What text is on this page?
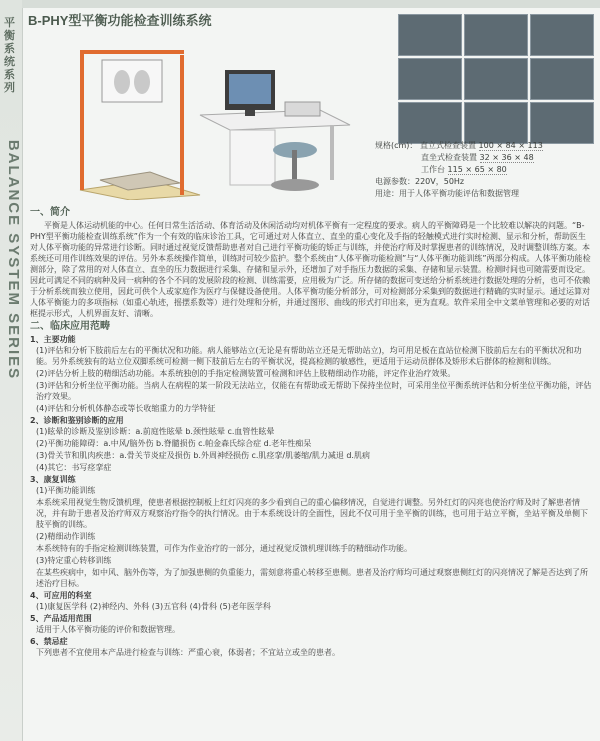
平衡系统系列
BALANCE SYSTEM SERIES
B-PHY型平衡功能检查训练系统
规格(cm)： 直立式检查装置 100 × 84 × 113
直坐式检查装置 32 × 36 × 48
工作台 115 × 65 × 80
电源参数：220V，50Hz
用途：用于人体平衡功能评估和数据管理
一、简介

平衡是人体运动机能的中心。任何日常生活活动、体育活动及休闲活动均对机体平衡有一定程度的要求。病人的平衡障碍是一个比较难以解决的问题。“B-PHY型平衡功能检查训练系统”作为一个有效的临床诊治工具，它可通过对人体直立、直坐的重心变化及手指的轻触模式进行实时检测、显示和分析，帮助医生对人体平衡功能的异常进行诊断。同时通过视觉反馈帮助患者对自己进行平衡功能的矫正与训练，并使治疗师及时掌握患者的训练情况，及时调整训练方案。本系统还可用作训练效果的评估。另外本系统操作简单，训练时可较少监护。整个系统由“人体平衡功能检测”与“人体平衡功能训练”两部分构成。人体平衡功能检测部分，除了常用的对人体直立、直坐的压力数据进行采集、存储和显示外，还增加了对手指压力数据的采集、存储和显示装置。检测时间也可随需要而设定。因此可满足不同的病种及同一病种的各个不同的发展阶段的检测、训练需要，应用极为广泛。所存储的数据可变送给分析系统进行数据处理的分析，也可不依赖于分析系统而独立使用，因此可供个人或家庭作为医疗与保健设备使用。人体平衡功能分析部分，可对检测部分采集到的数据进行精确的实时显示。通过运算对人体平衡能力的多项指标（如重心轨迹，摇摆系数等）进行处理和分析，并通过图形、曲线的形式打印出来，更为直观。软件采用全中文菜单管理和必要的对话框提示形式，人机界面友好、清晰。

二、临床应用范畴
1、主要功能

(1)评估和分析下肢前后左右的平衡状况和功能。病人能够站立(无论是有帮助站立还是无帮助站立)，均可用足板在直站位检测下肢前后左右的平衡状况和功能。另外系统独有的站立位双脚系统可检测一侧下肢前后左右的平衡状况，提高检测的敏感性，更适用于运动员群体及矫形术后群体的检测和训练。

(2)评估分析上肢的精细活动功能。本系统独创的手指定检测装置可检测和评估上肢精细动作功能，评定作业治疗效果。

(3)评估和分析坐位平衡功能。当病人在病程的某一阶段无法站立，仅能在有帮助或无帮助下保持坐位时，可采用坐位平衡系统评估和分析坐位平衡功能，评估治疗效果。

(4)评估和分析机体静态或等长收缩重力的力学特征

2、诊断和鉴别诊断的应用

(1)眩晕的诊断及鉴别诊断：a.前庭性眩晕 b.颈性眩晕 c.血管性眩晕

(2)平衡功能障碍：a.中风/脑外伤 b.脊髓损伤 c.帕金森氏综合症 d.老年性痴呆

(3)骨关节和肌肉疾患：a.骨关节炎症及损伤 b.外周神经损伤 c.肌痉挛/肌萎缩/肌力减退 d.肌病

(4)其它：书写痉挛症

3、康复训练

(1)平衡功能训练

本系统采用视觉生物反馈机理，使患者根据控制板上红灯闪亮的多少看到自己的重心偏移情况，自觉进行调整。另外红灯的闪亮也使治疗师及时了解患者情况，并有助于患者及治疗师双方观察治疗指令的执行情况。由于本系统设计的全面性，因此不仅可用于坐平衡的训练，也可用于站立平衡，坐站平衡及单侧下肢平衡的训练。

(2)精细动作训练

本系统特有的手指定检测训练装置，可作为作业治疗的一部分，通过视觉反馈机理训练手的精细动作功能。

(3)特定重心转移训练

在某些疾病中，如中风、脑外伤等，为了加强患侧的负重能力，需刻意将重心转移至患侧。患者及治疗师均可通过观察患侧红灯的闪亮情况了解是否达到了所述治疗目标。

4、可应用的科室

(1)康复医学科 (2)神经内、外科 (3)五官科 (4)骨科 (5)老年医学科

5、产品适用范围

适用于人体平衡功能的评价和数据管理。

6、禁忌症

下列患者不宜使用本产品进行检查与训练：严重心衰，体弱者；不宜站立或坐的患者。
